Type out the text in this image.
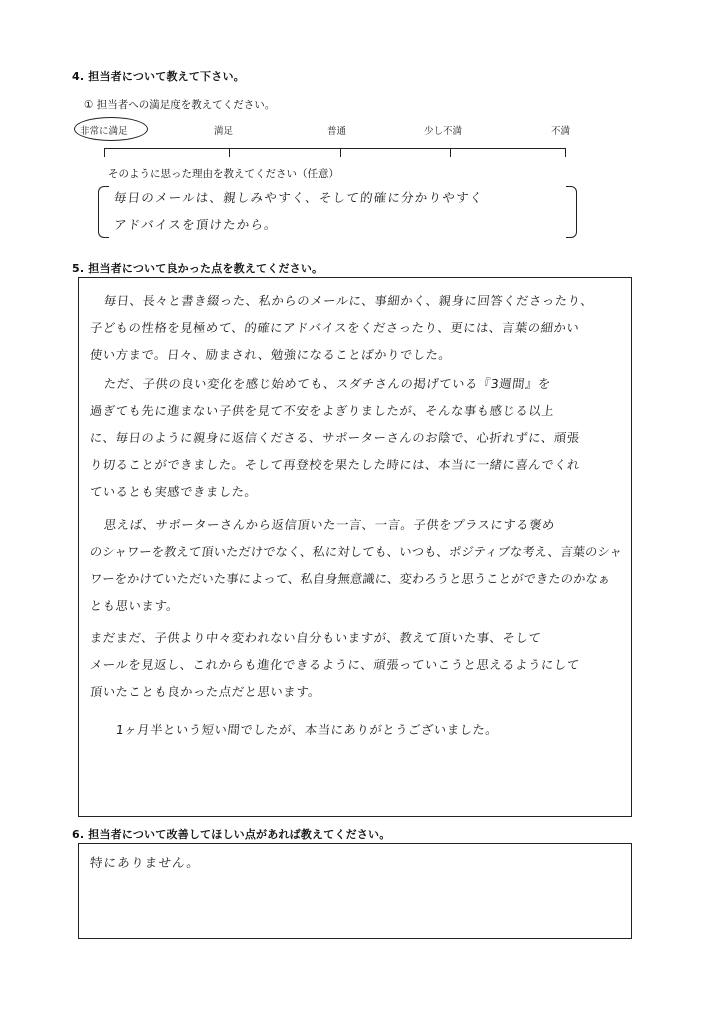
4. 担当者について教えて下さい。
① 担当者への満足度を教えてください。
非常に満足	満足	普通	少し不満	不満
そのように思った理由を教えてください（任意）
毎日のメールは、親しみやすく、そして的確に分かりやすく
アドバイスを頂けたから。
5. 担当者について良かった点を教えてください。
毎日、長々と書き綴った、私からのメールに、事細かく、親身に回答くださったり、
子どもの性格を見極めて、的確にアドバイスをくださったり、更には、言葉の細かい
使い方まで。日々、励まされ、勉強になることばかりでした。
ただ、子供の良い変化を感じ始めても、スダチさんの掲げている『3週間』を
過ぎても先に進まない子供を見て不安をよぎりましたが、そんな事も感じる以上
に、毎日のように親身に返信くださる、サポーターさんのお陰で、心折れずに、頑張
り切ることができました。そして再登校を果たした時には、本当に一緒に喜んでくれ
ているとも実感できました。
思えば、サポーターさんから返信頂いた一言、一言。子供をプラスにする褒め
のシャワーを教えて頂いただけでなく、私に対しても、いつも、ポジティブな考え、言葉のシャ
ワーをかけていただいた事によって、私自身無意識に、変わろうと思うことができたのかなぁ
とも思います。
まだまだ、子供より中々変われない自分もいますが、教えて頂いた事、そして
メールを見返し、これからも進化できるように、頑張っていこうと思えるようにして
頂いたことも良かった点だと思います。
1ヶ月半という短い間でしたが、本当にありがとうございました。
6. 担当者について改善してほしい点があれば教えてください。
特にありません。
